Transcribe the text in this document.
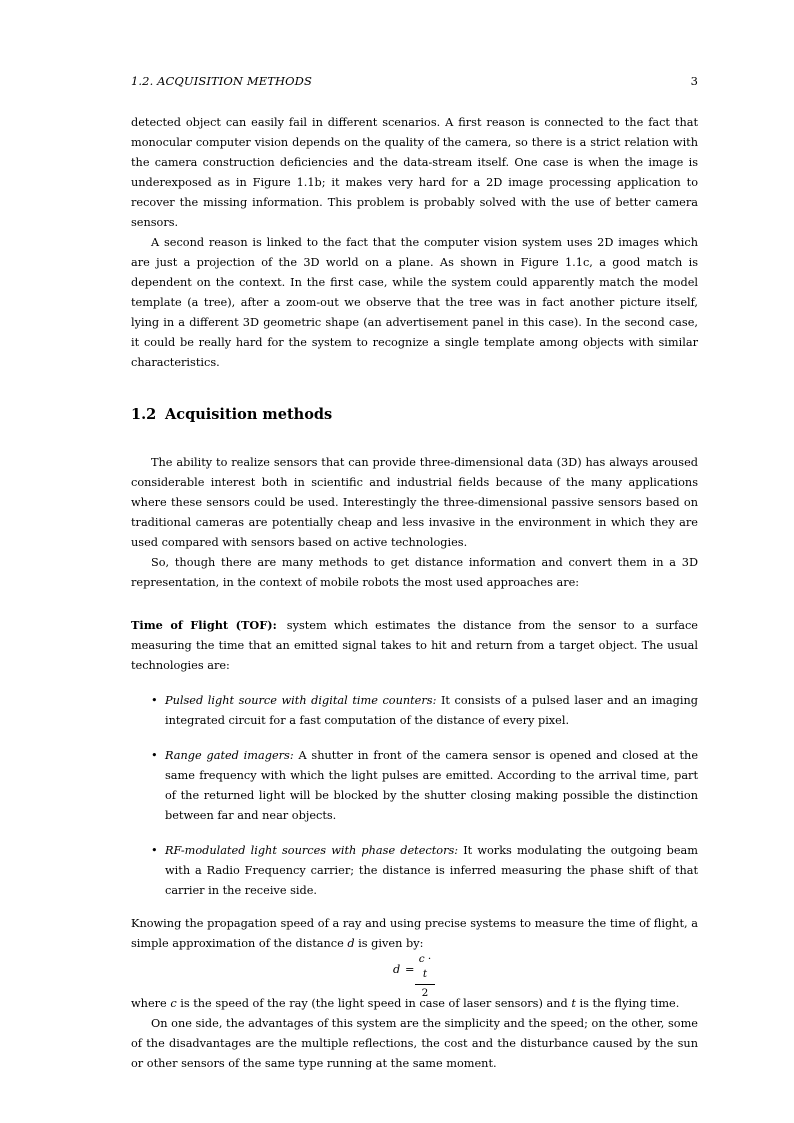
1.2. ACQUISITION METHODS	3

detected object can easily fail in different scenarios. A first reason is connected to the fact that monocular computer vision depends on the quality of the camera, so there is a strict relation with the camera construction deficiencies and the data-stream itself. One case is when the image is underexposed as in Figure 1.1b; it makes very hard for a 2D image processing application to recover the missing information. This problem is probably solved with the use of better camera sensors.

A second reason is linked to the fact that the computer vision system uses 2D images which are just a projection of the 3D world on a plane. As shown in Figure 1.1c, a good match is dependent on the context. In the first case, while the system could apparently match the model template (a tree), after a zoom-out we observe that the tree was in fact another picture itself, lying in a different 3D geometric shape (an advertisement panel in this case). In the second case, it could be really hard for the system to recognize a single template among objects with similar characteristics.

1.2 Acquisition methods

The ability to realize sensors that can provide three-dimensional data (3D) has always aroused considerable interest both in scientific and industrial fields because of the many applications where these sensors could be used. Interestingly the three-dimensional passive sensors based on traditional cameras are potentially cheap and less invasive in the environment in which they are used compared with sensors based on active technologies.

So, though there are many methods to get distance information and convert them in a 3D representation, in the context of mobile robots the most used approaches are:

Time of Flight (TOF): system which estimates the distance from the sensor to a surface measuring the time that an emitted signal takes to hit and return from a target object. The usual technologies are:

• Pulsed light source with digital time counters: It consists of a pulsed laser and an imaging integrated circuit for a fast computation of the distance of every pixel.

• Range gated imagers: A shutter in front of the camera sensor is opened and closed at the same frequency with which the light pulses are emitted. According to the arrival time, part of the returned light will be blocked by the shutter closing making possible the distinction between far and near objects.

• RF-modulated light sources with phase detectors: It works modulating the outgoing beam with a Radio Frequency carrier; the distance is inferred measuring the phase shift of that carrier in the receive side.

Knowing the propagation speed of a ray and using precise systems to measure the time of flight, a simple approximation of the distance d is given by:

d =
c · t
2

where c is the speed of the ray (the light speed in case of laser sensors) and t is the flying time.

On one side, the advantages of this system are the simplicity and the speed; on the other, some of the disadvantages are the multiple reflections, the cost and the disturbance caused by the sun or other sensors of the same type running at the same moment.
